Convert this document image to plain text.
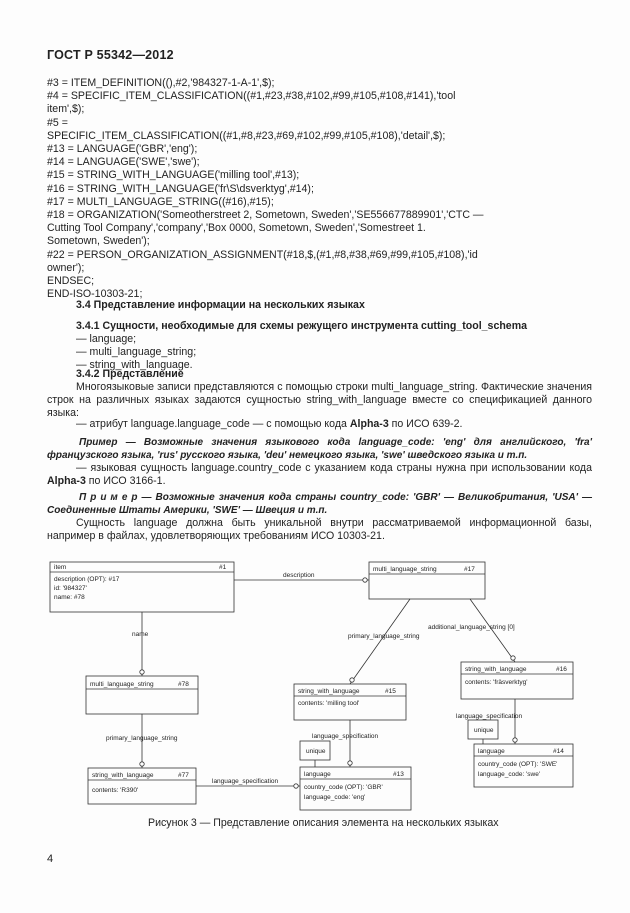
ГОСТ Р 55342—2012
#3 = ITEM_DEFINITION((),#2,'984327-1-A-1',$);
#4 = SPECIFIC_ITEM_CLASSIFICATION((#1,#23,#38,#102,#99,#105,#108,#141),'tool
item',$);
#5 =
SPECIFIC_ITEM_CLASSIFICATION((#1,#8,#23,#69,#102,#99,#105,#108),'detail',$);
#13 = LANGUAGE('GBR','eng');
#14 = LANGUAGE('SWE','swe');
#15 = STRING_WITH_LANGUAGE('milling tool',#13);
#16 = STRING_WITH_LANGUAGE('fr\S\dsverktyg',#14);
#17 = MULTI_LANGUAGE_STRING((#16),#15);
#18 = ORGANIZATION('Someotherstreet 2, Sometown, Sweden','SE556677889901','CTC —
Cutting Tool Company','company','Box 0000, Sometown, Sweden','Somestreet 1.
Sometown, Sweden');
#22 = PERSON_ORGANIZATION_ASSIGNMENT(#18,$,(#1,#8,#38,#69,#99,#105,#108),'id
owner');
ENDSEC;
END-ISO-10303-21;
3.4 Представление информации на нескольких языках
3.4.1 Сущности, необходимые для схемы режущего инструмента cutting_tool_schema
— language;
— multi_language_string;
— string_with_language.
3.4.2 Представление
Многоязыковые записи представляются с помощью строки multi_language_string. Фактические значения строк на различных языках задаются сущностью string_with_language вместе со спецификацией данного языка:
— атрибут language.language_code — с помощью кода Alpha-3 по ИСО 639-2.
Пример — Возможные значения языкового кода language_code: 'eng' для английского, 'fra' французского языка, 'rus' русского языка, 'deu' немецкого языка, 'swe' шведского языка и т.п.
— языковая сущность language.country_code с указанием кода страны нужна при использовании кода Alpha-3 по ИСО 3166-1.
П р и м е р — Возможные значения кода страны country_code: 'GBR' — Великобритания, 'USA' — Соединенные Штаты Америки, 'SWE' — Швеция и т.п.
Сущность language должна быть уникальной внутри рассматриваемой информационной базы, например в файлах, удовлетворяющих требованиям ИСО 10303-21.
item	#1
description (OPT): #17
id: '984327'
name: #78
multi_language_string	#17
multi_language_string	#78
string_with_language	#15
contents: 'milling tool'
string_with_language	#16
contents: 'fräsverktyg'
string_with_language	#77
contents: 'R390'
language	#13
country_code (OPT): 'GBR'
language_code: 'eng'
language	#14
country_code (OPT): 'SWE'
language_code: 'swe'
unique
unique
description
name	primary_language_string
additional_language_string [0]
language_specification
language_specification
primary_language_string
language_specification
Рисунок 3 — Представление описания элемента на нескольких языках
4
